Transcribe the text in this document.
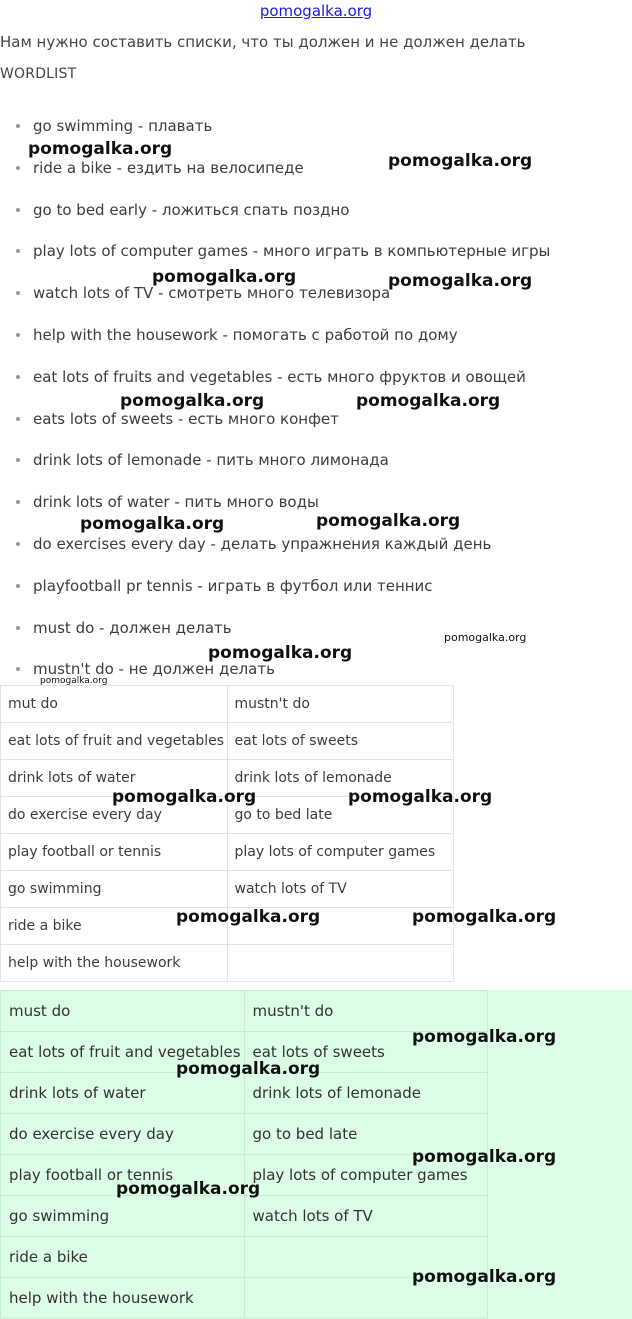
pomogalka.org
Нам нужно составить списки, что ты должен и не должен делать
WORDLIST
go swimming - плавать
ride a bike - ездить на велосипеде
go to bed early - ложиться спать поздно
play lots of computer games - много играть в компьютерные игры
watch lots of TV - смотреть много телевизора
help with the housework - помогать с работой по дому
eat lots of fruits and vegetables - есть много фруктов и овощей
eats lots of sweets - есть много конфет
drink lots of lemonade - пить много лимонада
drink lots of water - пить много воды
do exercises every day - делать упражнения каждый день
playfootball pr tennis - играть в футбол или теннис
must do - должен делать
mustn't do - не должен делать
mut do	mustn't do
eat lots of fruit and vegetables	eat lots of sweets
drink lots of water	drink lots of lemonade
do exercise every day	go to bed late
play football or tennis	play lots of computer games
go swimming	watch lots of TV
ride a bike	
help with the housework	
must do	mustn't do
eat lots of fruit and vegetables	eat lots of sweets
drink lots of water	drink lots of lemonade
do exercise every day	go to bed late
play football or tennis	play lots of computer games
go swimming	watch lots of TV
ride a bike	
help with the housework	
pomogalka.org
pomogalka.org
pomogalka.org	pomogalka.org
pomogalka.org	pomogalka.org
pomogalka.org	pomogalka.org
pomogalka.org
pomogalka.org
pomogalka.org
pomogalka.org	pomogalka.org
pomogalka.org	pomogalka.org
pomogalka.org
pomogalka.org
pomogalka.org
pomogalka.org
pomogalka.org
